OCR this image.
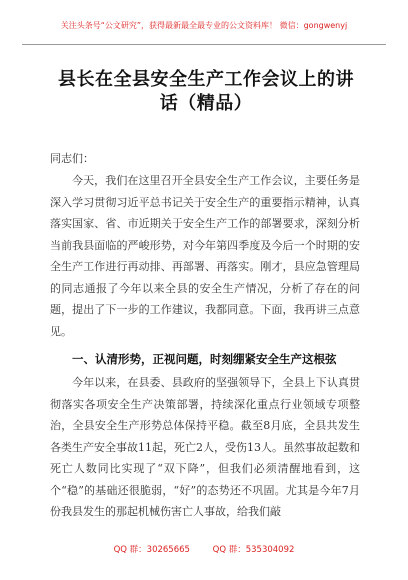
关注头条号“公文研究”，获得最新最全最专业的公文资料库！ 微信：gongwenyj
县长在全县安全生产工作会议上的讲话（精品）
同志们：
今天，我们在这里召开全县安全生产工作会议，主要任务是深入学习贯彻习近平总书记关于安全生产的重要指示精神，认真落实国家、省、市近期关于安全生产工作的部署要求，深刻分析当前我县面临的严峻形势，对今年第四季度及今后一个时期的安全生产工作进行再动排、再部署、再落实。刚才，县应急管理局的同志通报了今年以来全县的安全生产情况，分析了存在的问题，提出了下一步的工作建议，我都同意。下面，我再讲三点意见。
一、认清形势，正视问题，时刻绷紧安全生产这根弦
今年以来，在县委、县政府的坚强领导下，全县上下认真贯彻落实各项安全生产决策部署，持续深化重点行业领域专项整治，全县安全生产形势总体保持平稳。截至8月底，全县共发生各类生产安全事故11起，死亡2人，受伤13人。虽然事故起数和死亡人数同比实现了“双下降”，但我们必须清醒地看到，这个“稳”的基础还很脆弱，“好”的态势还不巩固。尤其是今年7月份我县发生的那起机械伤害亡人事故，给我们敲
QQ 群：30265665	QQ 群：535304092
